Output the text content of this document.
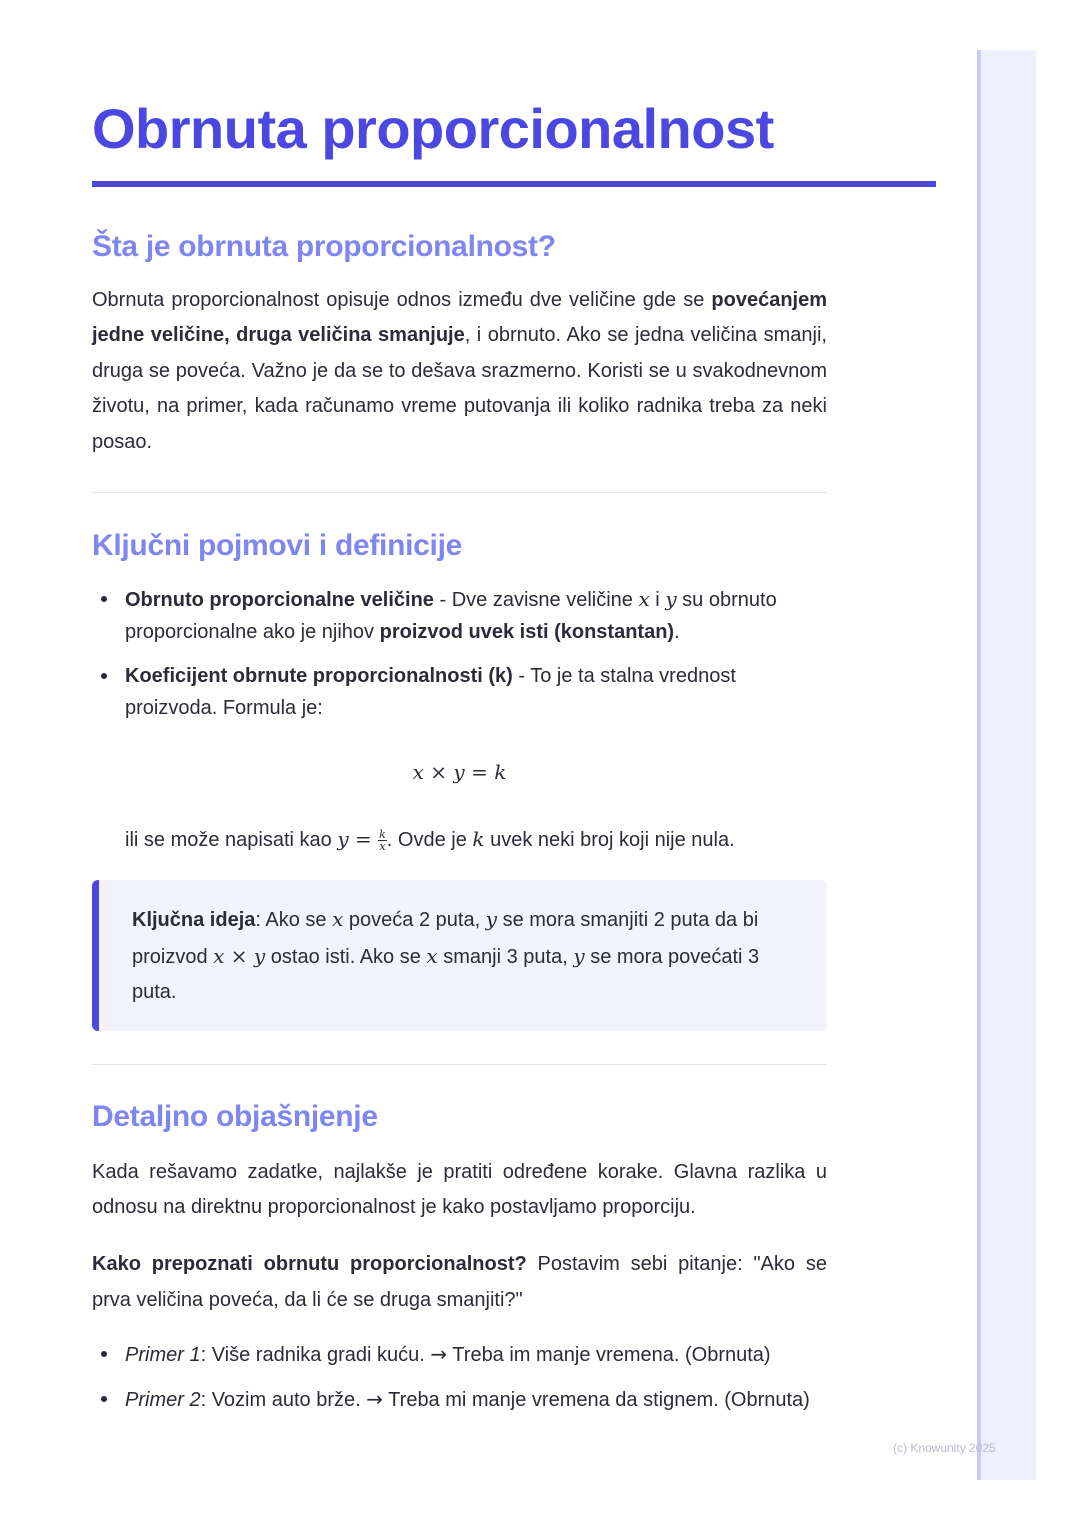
(c) Knowunity 2025
Obrnuta proporcionalnost
Šta je obrnuta proporcionalnost?

Obrnuta proporcionalnost opisuje odnos između dve veličine gde se povećanjem jedne veličine, druga veličina smanjuje, i obrnuto. Ako se jedna veličina smanji, druga se poveća. Važno je da se to dešava srazmerno. Koristi se u svakodnevnom životu, na primer, kada računamo vreme putovanja ili koliko radnika treba za neki posao.

Ključni pojmovi i definicije
Obrnuto proporcionalne veličine - Dve zavisne veličine x i y su obrnuto proporcionalne ako je njihov proizvod uvek isti (konstantan).
Koeficijent obrnute proporcionalnosti (k) - To je ta stalna vrednost proizvoda. Formula je:
x × y = k

ili se može napisati kao $y = \frac{k}{x}$ . Ovde je k uvek neki broj koji nije nula.

Ključna ideja: Ako se x poveća 2 puta, y se mora smanjiti 2 puta da bi proizvod x × y ostao isti. Ako se x smanji 3 puta, y se mora povećati 3 puta.

Detaljno objašnjenje

Kada rešavamo zadatke, najlakše je pratiti određene korake. Glavna razlika u odnosu na direktnu proporcionalnost je kako postavljamo proporciju.

Kako prepoznati obrnutu proporcionalnost? Postavim sebi pitanje: "Ako se prva veličina poveća, da li će se druga smanjiti?"

Primer 1: Više radnika gradi kuću. → Treba im manje vremena. (Obrnuta)
Primer 2: Vozim auto brže. → Treba mi manje vremena da stignem. (Obrnuta)
